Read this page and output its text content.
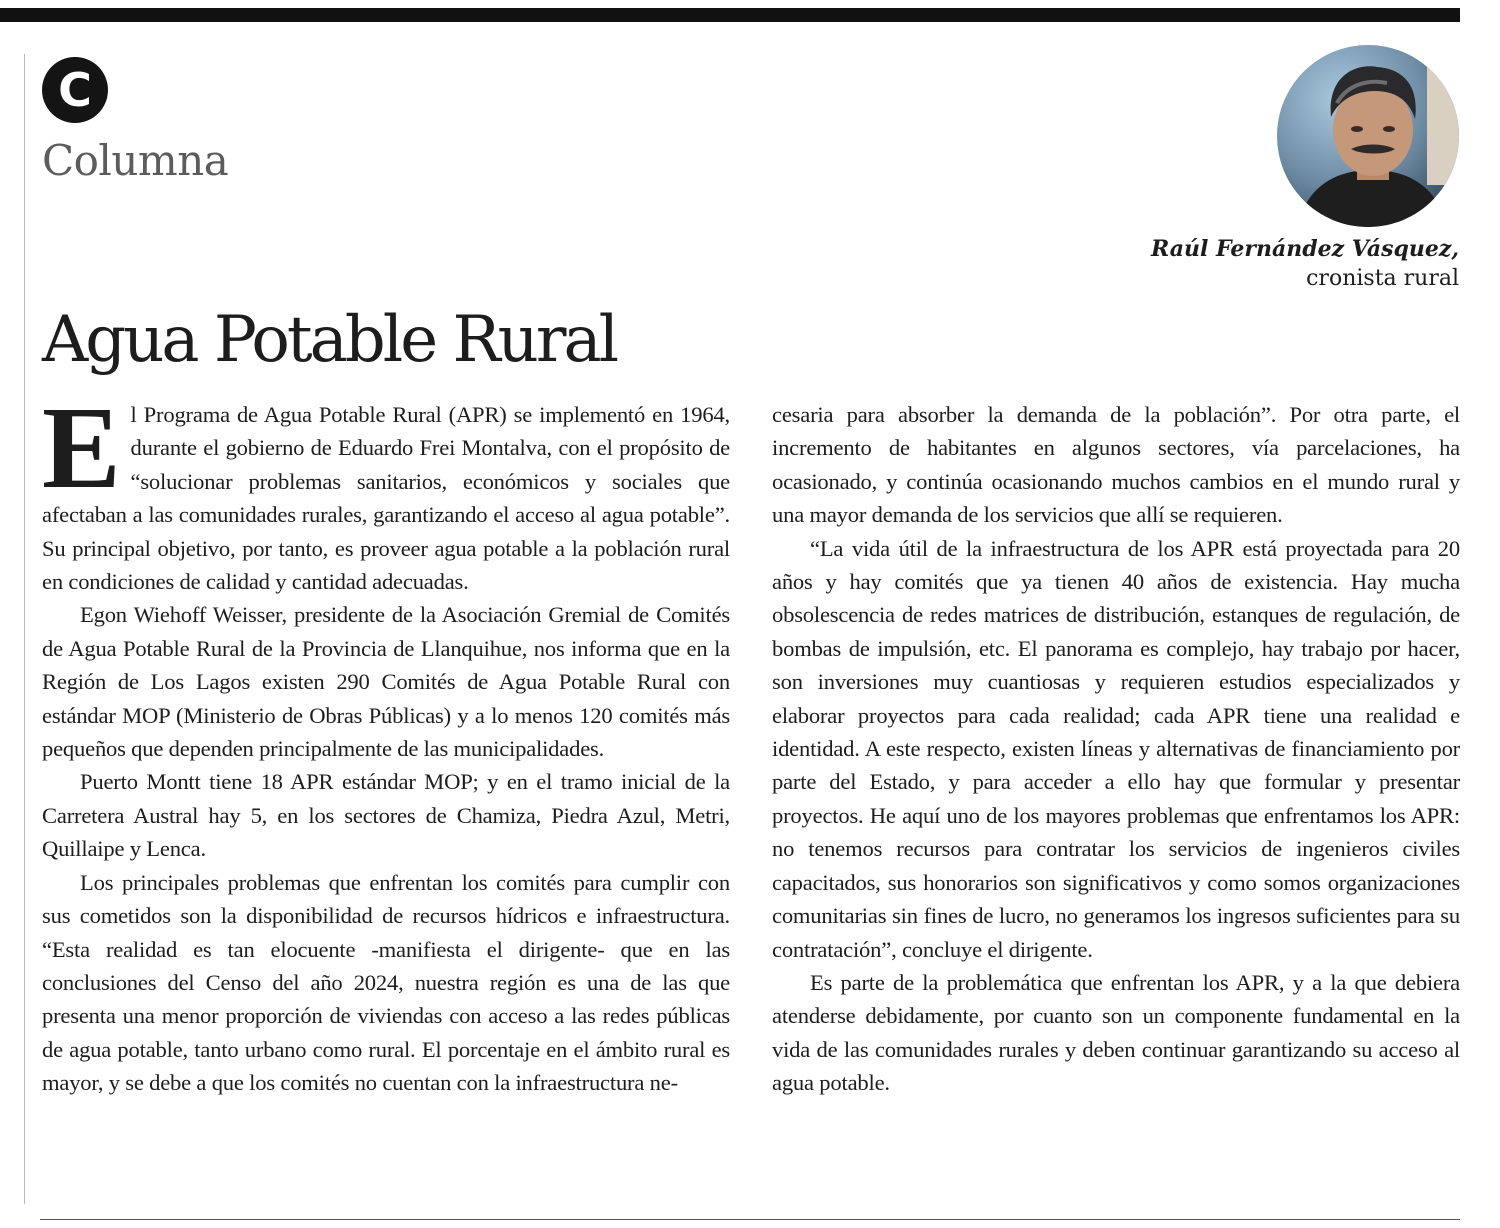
C
Columna
Raúl Fernández Vásquez,
cronista rural
Agua Potable Rural

El Programa de Agua Potable Rural (APR) se implementó en 1964, durante el gobierno de Eduardo Frei Montalva, con el propósito de “solucionar problemas sanitarios, económicos y sociales que afectaban a las comunidades rurales, garantizando el acceso al agua potable”. Su principal objetivo, por tanto, es proveer agua potable a la población rural en condiciones de calidad y cantidad adecuadas.

Egon Wiehoff Weisser, presidente de la Asociación Gremial de Comités de Agua Potable Rural de la Provincia de Llanquihue, nos informa que en la Región de Los Lagos existen 290 Comités de Agua Potable Rural con estándar MOP (Ministerio de Obras Públicas) y a lo menos 120 comités más pequeños que dependen principalmente de las municipalidades.

Puerto Montt tiene 18 APR estándar MOP; y en el tramo inicial de la Carretera Austral hay 5, en los sectores de Chamiza, Piedra Azul, Metri, Quillaipe y Lenca.

Los principales problemas que enfrentan los comités para cumplir con sus cometidos son la disponibilidad de recursos hídricos e infraestructura. “Esta realidad es tan elocuente -manifiesta el dirigente- que en las conclusiones del Censo del año 2024, nuestra región es una de las que presenta una menor proporción de viviendas con acceso a las redes públicas de agua potable, tanto urbano como rural. El porcentaje en el ámbito rural es mayor, y se debe a que los comités no cuentan con la infraestructura ne-

cesaria para absorber la demanda de la población”. Por otra parte, el incremento de habitantes en algunos sectores, vía parcelaciones, ha ocasionado, y continúa ocasionando muchos cambios en el mundo rural y una mayor demanda de los servicios que allí se requieren.

“La vida útil de la infraestructura de los APR está proyectada para 20 años y hay comités que ya tienen 40 años de existencia. Hay mucha obsolescencia de redes matrices de distribución, estanques de regulación, de bombas de impulsión, etc. El panorama es complejo, hay trabajo por hacer, son inversiones muy cuantiosas y requieren estudios especializados y elaborar proyectos para cada realidad; cada APR tiene una realidad e identidad. A este respecto, existen líneas y alternativas de financiamiento por parte del Estado, y para acceder a ello hay que formular y presentar proyectos. He aquí uno de los mayores problemas que enfrentamos los APR: no tenemos recursos para contratar los servicios de ingenieros civiles capacitados, sus honorarios son significativos y como somos organizaciones comunitarias sin fines de lucro, no generamos los ingresos suficientes para su contratación”, concluye el dirigente.

Es parte de la problemática que enfrentan los APR, y a la que debiera atenderse debidamente, por cuanto son un componente fundamental en la vida de las comunidades rurales y deben continuar garantizando su acceso al agua potable.
